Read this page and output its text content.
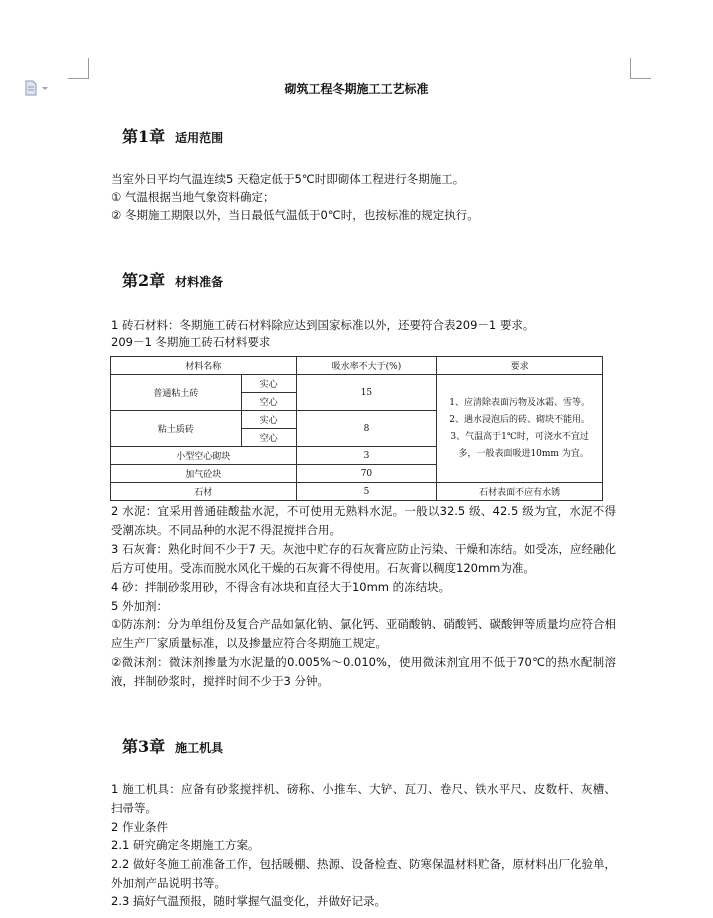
砌筑工程冬期施工工艺标准
第1章 适用范围
当室外日平均气温连续5 天稳定低于5℃时即砌体工程进行冬期施工。
① 气温根据当地气象资料确定；
② 冬期施工期限以外，当日最低气温低于0℃时，也按标准的规定执行。
第2章 材料准备
1 砖石材料：冬期施工砖石材料除应达到国家标准以外，还要符合表209－1 要求。
209－1 冬期施工砖石材料要求
材料名称		吸水率不大于(%)	要求
普通粘土砖	实心	15	1、应清除表面污物及冰霜、雪等。
2、遇水浸泡后的砖、砌块不能用。
3、气温高于1℃时，可浇水不宜过
多，一般表面吸进10mm 为宜。

	空心		
粘土质砖	实心	8	
	空心		
小型空心砌块		3	
加气砼块		70	
石材		5	石材表面不应有水锈
2 水泥：宜采用普通硅酸盐水泥，不可使用无熟料水泥。一般以32.5 级、42.5 级为宜，水泥不得受潮冻块。不同品种的水泥不得混搅拌合用。
3 石灰膏：熟化时间不少于7 天。灰池中贮存的石灰膏应防止污染、干燥和冻结。如受冻，应经融化后方可使用。受冻而脱水风化干燥的石灰膏不得使用。石灰膏以稠度120mm为准。
4 砂：拌制砂浆用砂，不得含有冰块和直径大于10mm 的冻结块。
5 外加剂：
①防冻剂：分为单组份及复合产品如氯化钠、氯化钙、亚硝酸钠、硝酸钙、碳酸钾等质量均应符合相应生产厂家质量标准，以及掺量应符合冬期施工规定。
②微沫剂：微沫剂掺量为水泥量的0.005%～0.010%，使用微沫剂宜用不低于70℃的热水配制溶液，拌制砂浆时，搅拌时间不少于3 分钟。
第3章 施工机具
1 施工机具：应备有砂浆搅拌机、磅称、小推车、大铲、瓦刀、卷尺、铁水平尺、皮数杆、灰槽、扫帚等。
2 作业条件
2.1 研究确定冬期施工方案。
2.2 做好冬施工前准备工作，包括暖棚、热源、设备检查、防寒保温材料贮备，原材料出厂化验单，外加剂产品说明书等。
2.3 搞好气温预报，随时掌握气温变化，并做好记录。
